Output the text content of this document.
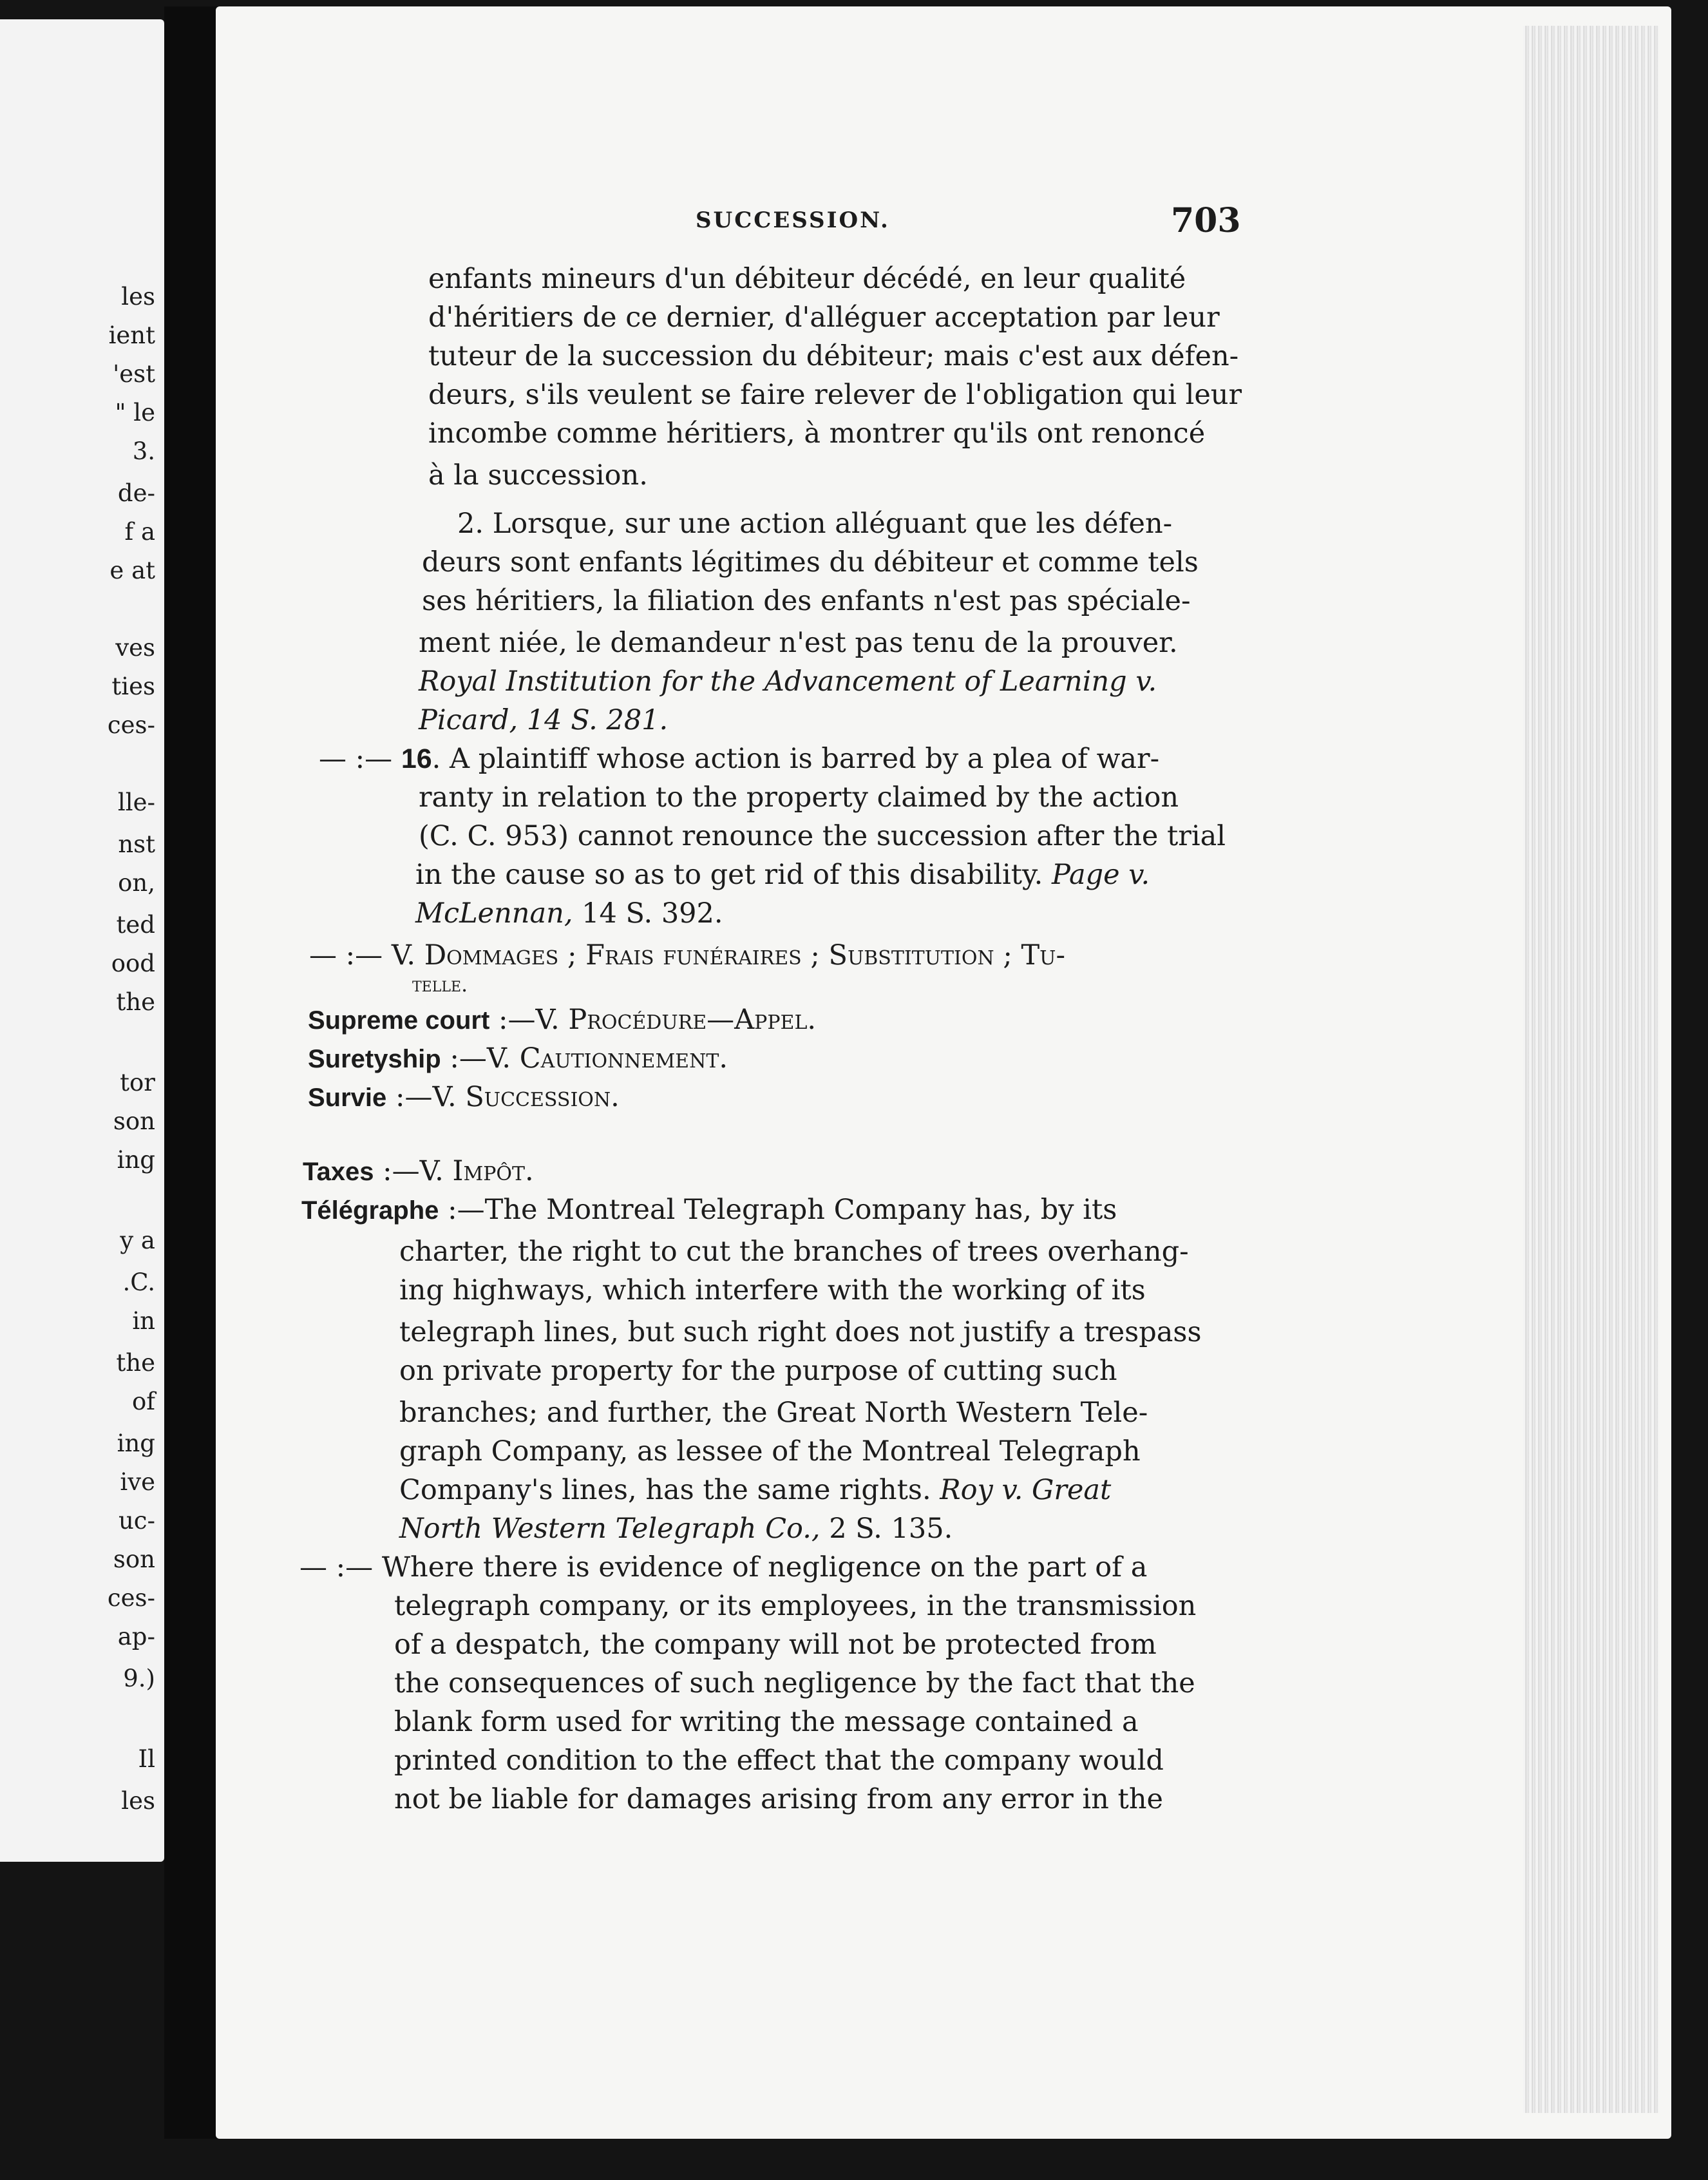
les
ient
'est
" le
3.
de-
f a
e at
ves
ties
ces-
lle-
nst
on,
ted
ood
the
tor
son
ing
y a
.C.
in
the
of
ing
ive
uc-
son
ces-
ap-
9.)
Il
les
SUCCESSION.	703
enfants mineurs d'un débiteur décédé, en leur qualité
d'héritiers de ce dernier, d'alléguer acceptation par leur
tuteur de la succession du débiteur; mais c'est aux défen-
deurs, s'ils veulent se faire relever de l'obligation qui leur
incombe comme héritiers, à montrer qu'ils ont renoncé
à la succession.
2. Lorsque, sur une action alléguant que les défen-
deurs sont enfants légitimes du débiteur et comme tels
ses héritiers, la filiation des enfants n'est pas spéciale-
ment niée, le demandeur n'est pas tenu de la prouver.
Royal Institution for the Advancement of Learning v.
Picard, 14 S. 281.
— :— 16. A plaintiff whose action is barred by a plea of war-
ranty in relation to the property claimed by the action
(C. C. 953) cannot renounce the succession after the trial
in the cause so as to get rid of this disability. Page v.
McLennan, 14 S. 392.
— :— V. Dommages ; Frais funéraires ; Substitution ; Tu-
telle.
Supreme court :—V. Procédure—Appel.
Suretyship :—V. Cautionnement.
Survie :—V. Succession.
Taxes :—V. Impôt.
Télégraphe :—The Montreal Telegraph Company has, by its
charter, the right to cut the branches of trees overhang-
ing highways, which interfere with the working of its
telegraph lines, but such right does not justify a trespass
on private property for the purpose of cutting such
branches; and further, the Great North Western Tele-
graph Company, as lessee of the Montreal Telegraph
Company's lines, has the same rights. Roy v. Great
North Western Telegraph Co., 2 S. 135.
— :— Where there is evidence of negligence on the part of a
telegraph company, or its employees, in the transmission
of a despatch, the company will not be protected from
the consequences of such negligence by the fact that the
blank form used for writing the message contained a
printed condition to the effect that the company would
not be liable for damages arising from any error in the
